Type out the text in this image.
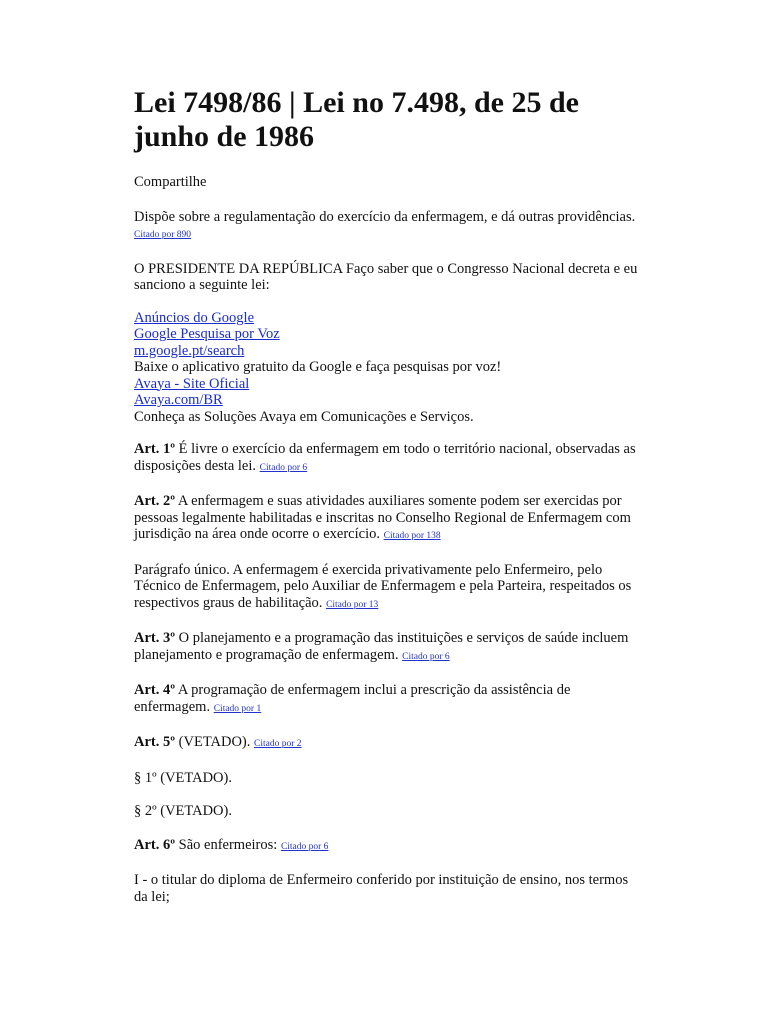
Lei 7498/86 | Lei no 7.498, de 25 de junho de 1986

Compartilhe

Dispõe sobre a regulamentação do exercício da enfermagem, e dá outras providências.
Citado por 890

O PRESIDENTE DA REPÚBLICA Faço saber que o Congresso Nacional decreta e eu sanciono a seguinte lei:

Anúncios do Google
Google Pesquisa por Voz
m.google.pt/search
Baixe o aplicativo gratuito da Google e faça pesquisas por voz!
Avaya - Site Oficial
Avaya.com/BR
Conheça as Soluções Avaya em Comunicações e Serviços.

Art. 1º É livre o exercício da enfermagem em todo o território nacional, observadas as disposições desta lei. Citado por 6

Art. 2º A enfermagem e suas atividades auxiliares somente podem ser exercidas por pessoas legalmente habilitadas e inscritas no Conselho Regional de Enfermagem com jurisdição na área onde ocorre o exercício. Citado por 138

Parágrafo único. A enfermagem é exercida privativamente pelo Enfermeiro, pelo Técnico de Enfermagem, pelo Auxiliar de Enfermagem e pela Parteira, respeitados os respectivos graus de habilitação. Citado por 13

Art. 3º O planejamento e a programação das instituições e serviços de saúde incluem planejamento e programação de enfermagem. Citado por 6

Art. 4º A programação de enfermagem inclui a prescrição da assistência de enfermagem. Citado por 1

Art. 5º (VETADO). Citado por 2

§ 1º (VETADO).

§ 2º (VETADO).

Art. 6º São enfermeiros: Citado por 6

I - o titular do diploma de Enfermeiro conferido por instituição de ensino, nos termos da lei;
